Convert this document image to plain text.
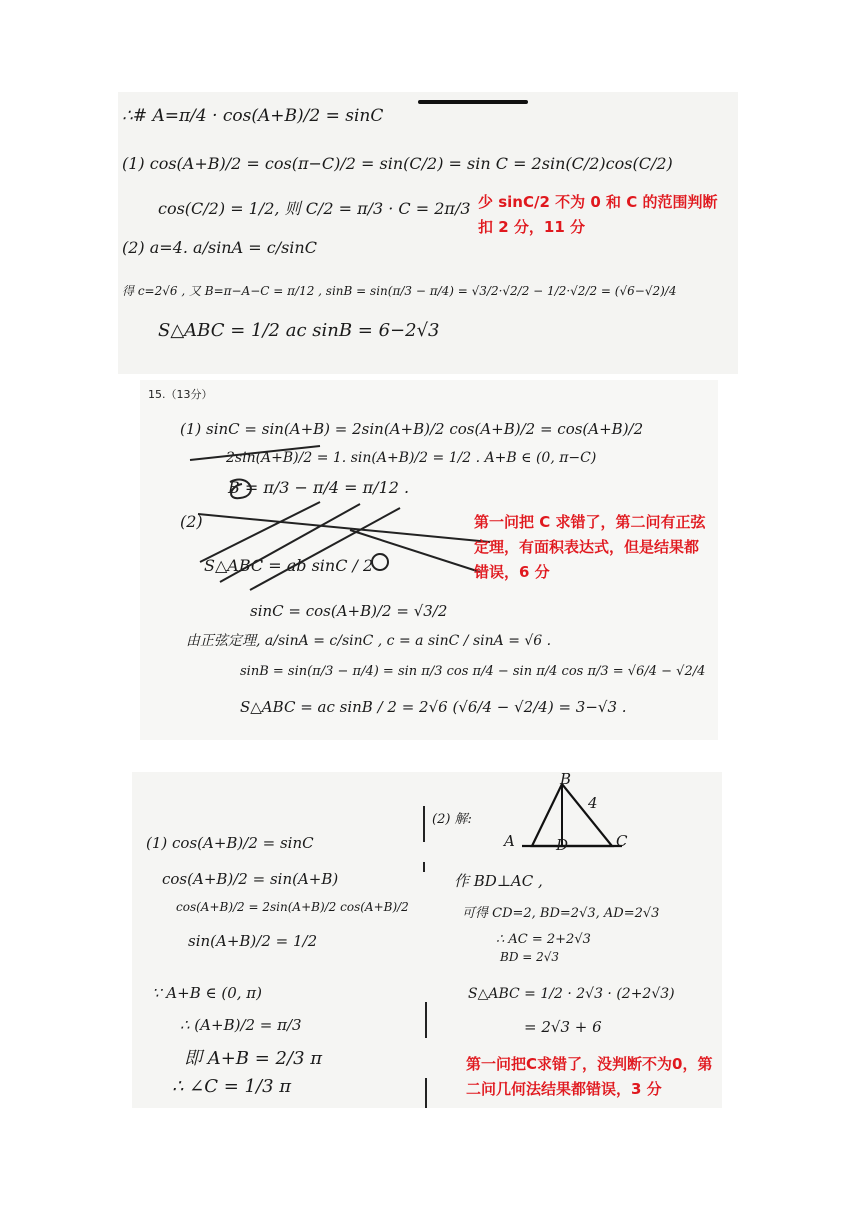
∴# A=π/4 · cos(A+B)/2 = sinC
(1) cos(A+B)/2 = cos(π−C)/2 = sin(C/2) = sin C = 2sin(C/2)cos(C/2)
cos(C/2) = 1/2, 则 C/2 = π/3 · C = 2π/3
(2) a=4. a/sinA = c/sinC
得 c=2√6 , 又 B=π−A−C = π/12 , sinB = sin(π/3 − π/4) = √3/2·√2/2 − 1/2·√2/2 = (√6−√2)/4
S△ABC = 1/2 ac sinB = 6−2√3
少 sinC/2 不为 0 和 C 的范围判断扣 2 分，11 分
15.（13分）
(1) sinC = sin(A+B) = 2sin(A+B)/2 cos(A+B)/2 = cos(A+B)/2
2sin(A+B)/2 = 1. sin(A+B)/2 = 1/2 . A+B ∈ (0, π−C)
B = π/3 − π/4 = π/12 .
(2)
S△ABC = ab sinC / 2
sinC = cos(A+B)/2 = √3/2
由正弦定理, a/sinA = c/sinC , c = a sinC / sinA = √6 .
sinB = sin(π/3 − π/4) = sin π/3 cos π/4 − sin π/4 cos π/3 = √6/4 − √2/4
S△ABC = ac sinB / 2 = 2√6 (√6/4 − √2/4) = 3−√3 .
第一问把 C 求错了，第二问有正弦定理，有面积表达式，但是结果都错误，6 分
(1) cos(A+B)/2 = sinC
cos(A+B)/2 = sin(A+B)
cos(A+B)/2 = 2sin(A+B)/2 cos(A+B)/2
sin(A+B)/2 = 1/2
∵ A+B ∈ (0, π)
∴ (A+B)/2 = π/3
即 A+B = 2/3 π
∴ ∠C = 1/3 π
(2) 解:
B
4
A	D	C
作 BD⊥AC ,
可得 CD=2, BD=2√3, AD=2√3
∴ AC = 2+2√3
BD = 2√3
S△ABC = 1/2 · 2√3 · (2+2√3)
= 2√3 + 6
第一问把C求错了，没判断不为0，第二问几何法结果都错误，3 分
